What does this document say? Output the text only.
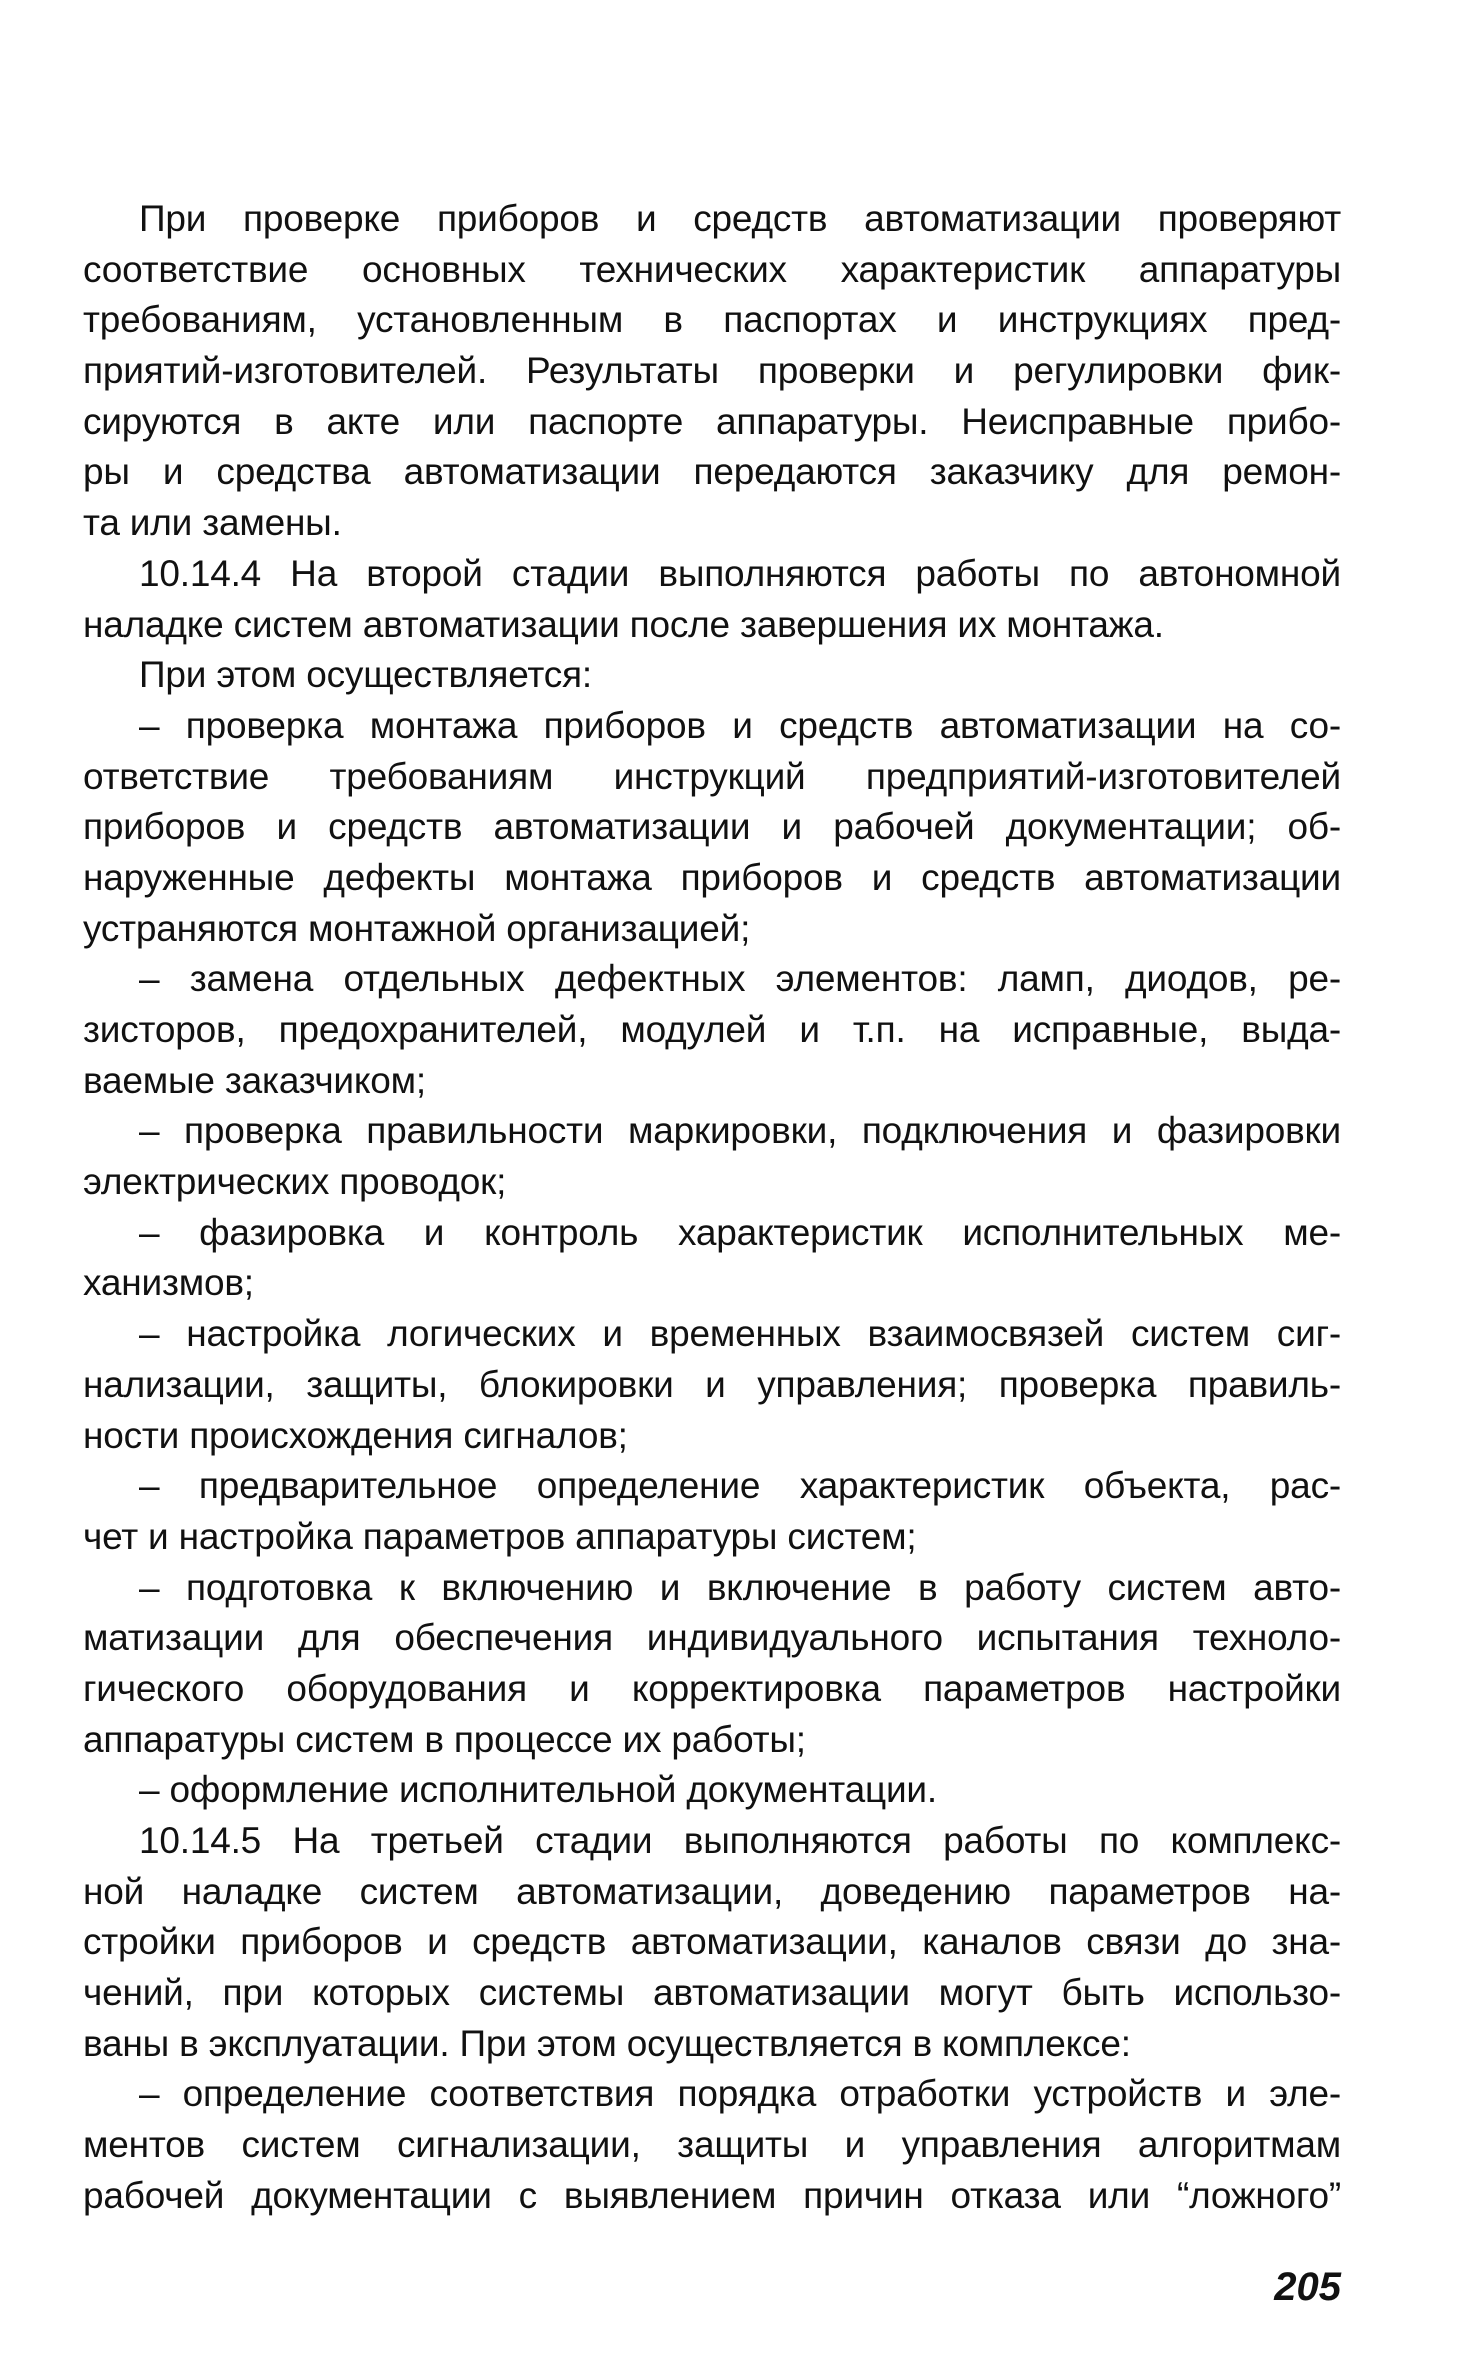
При проверке приборов и средств автоматизации проверяют
соответствие основных технических характеристик аппаратуры
требованиям, установленным в паспортах и инструкциях пред-
приятий-изготовителей. Результаты проверки и регулировки фик-
сируются в акте или паспорте аппаратуры. Неисправные прибо-
ры и средства автоматизации передаются заказчику для ремон-
та или замены.
10.14.4 На второй стадии выполняются работы по автономной
наладке систем автоматизации после завершения их монтажа.
При этом осуществляется:
– проверка монтажа приборов и средств автоматизации на со-
ответствие требованиям инструкций предприятий-изготовителей
приборов и средств автоматизации и рабочей документации; об-
наруженные дефекты монтажа приборов и средств автоматизации
устраняются монтажной организацией;
– замена отдельных дефектных элементов: ламп, диодов, ре-
зисторов, предохранителей, модулей и т.п. на исправные, выда-
ваемые заказчиком;
– проверка правильности маркировки, подключения и фазировки
электрических проводок;
– фазировка и контроль характеристик исполнительных ме-
ханизмов;
– настройка логических и временных взаимосвязей систем сиг-
нализации, защиты, блокировки и управления; проверка правиль-
ности происхождения сигналов;
– предварительное определение характеристик объекта, рас-
чет и настройка параметров аппаратуры систем;
– подготовка к включению и включение в работу систем авто-
матизации для обеспечения индивидуального испытания техноло-
гического оборудования и корректировка параметров настройки
аппаратуры систем в процессе их работы;
– оформление исполнительной документации.
10.14.5 На третьей стадии выполняются работы по комплекс-
ной наладке систем автоматизации, доведению параметров на-
стройки приборов и средств автоматизации, каналов связи до зна-
чений, при которых системы автоматизации могут быть использо-
ваны в эксплуатации. При этом осуществляется в комплексе:
– определение соответствия порядка отработки устройств и эле-
ментов систем сигнализации, защиты и управления алгоритмам
рабочей документации с выявлением причин отказа или “ложного”
205
